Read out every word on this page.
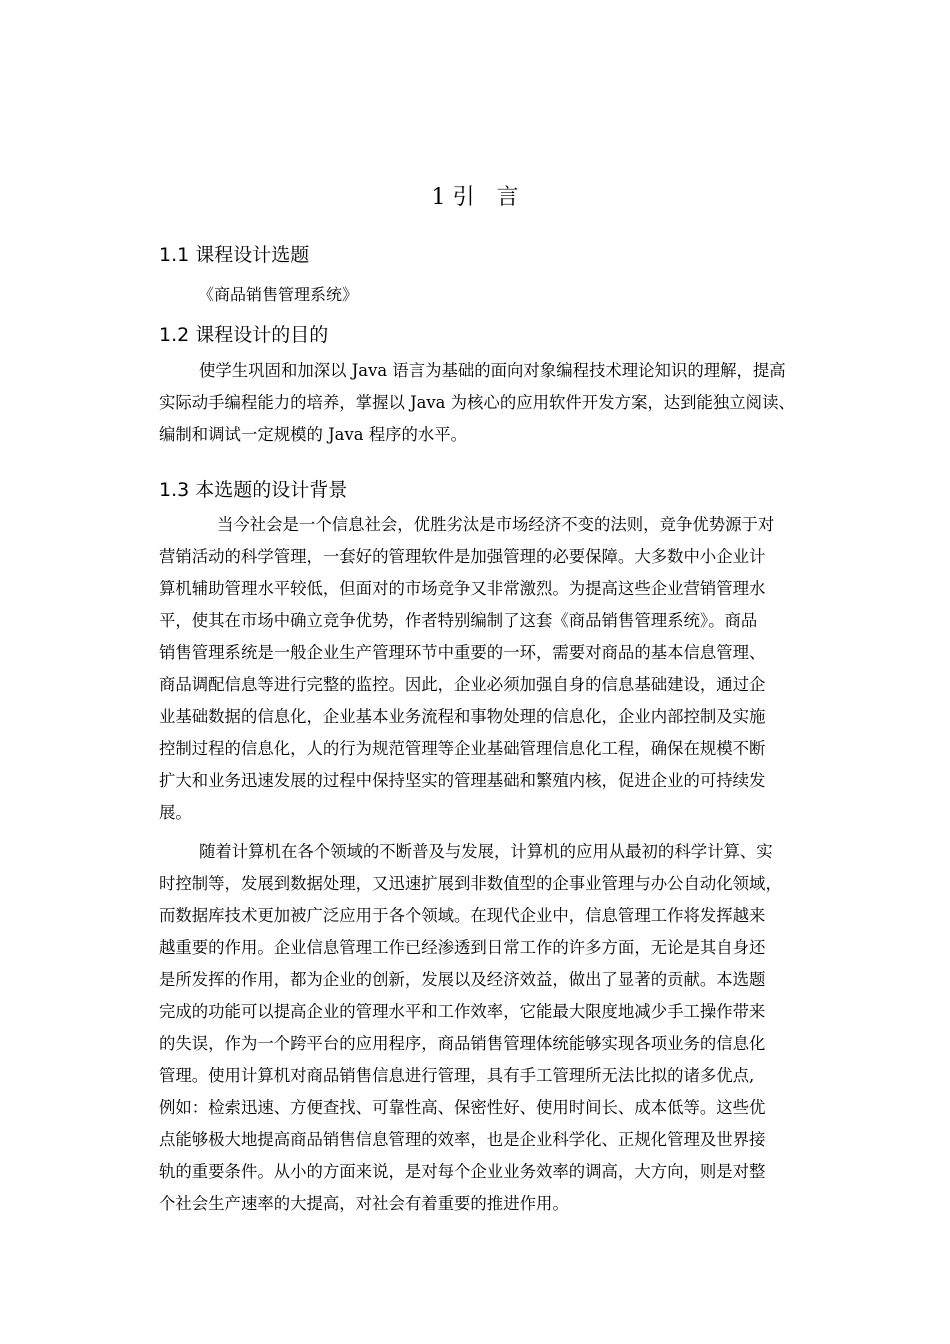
1 引　言
1.1 课程设计选题
《商品销售管理系统》
1.2 课程设计的目的
使学生巩固和加深以 Java 语言为基础的面向对象编程技术理论知识的理解，提高
实际动手编程能力的培养，掌握以 Java 为核心的应用软件开发方案，达到能独立阅读、
编制和调试一定规模的 Java 程序的水平。
1.3 本选题的设计背景
当今社会是一个信息社会，优胜劣汰是市场经济不变的法则，竞争优势源于对
营销活动的科学管理，一套好的管理软件是加强管理的必要保障。大多数中小企业计
算机辅助管理水平较低，但面对的市场竞争又非常激烈。为提高这些企业营销管理水
平，使其在市场中确立竞争优势，作者特别编制了这套《商品销售管理系统》。商品
销售管理系统是一般企业生产管理环节中重要的一环，需要对商品的基本信息管理、
商品调配信息等进行完整的监控。因此，企业必须加强自身的信息基础建设，通过企
业基础数据的信息化，企业基本业务流程和事物处理的信息化，企业内部控制及实施
控制过程的信息化，人的行为规范管理等企业基础管理信息化工程，确保在规模不断
扩大和业务迅速发展的过程中保持坚实的管理基础和繁殖内核，促进企业的可持续发
展。
随着计算机在各个领域的不断普及与发展，计算机的应用从最初的科学计算、实
时控制等，发展到数据处理，又迅速扩展到非数值型的企事业管理与办公自动化领域，
而数据库技术更加被广泛应用于各个领域。在现代企业中，信息管理工作将发挥越来
越重要的作用。企业信息管理工作已经渗透到日常工作的许多方面，无论是其自身还
是所发挥的作用，都为企业的创新，发展以及经济效益，做出了显著的贡献。本选题
完成的功能可以提高企业的管理水平和工作效率，它能最大限度地减少手工操作带来
的失误，作为一个跨平台的应用程序，商品销售管理体统能够实现各项业务的信息化
管理。使用计算机对商品销售信息进行管理，具有手工管理所无法比拟的诸多优点,
例如：检索迅速、方便查找、可靠性高、保密性好、使用时间长、成本低等。这些优
点能够极大地提高商品销售信息管理的效率，也是企业科学化、正规化管理及世界接
轨的重要条件。从小的方面来说，是对每个企业业务效率的调高，大方向，则是对整
个社会生产速率的大提高，对社会有着重要的推进作用。
